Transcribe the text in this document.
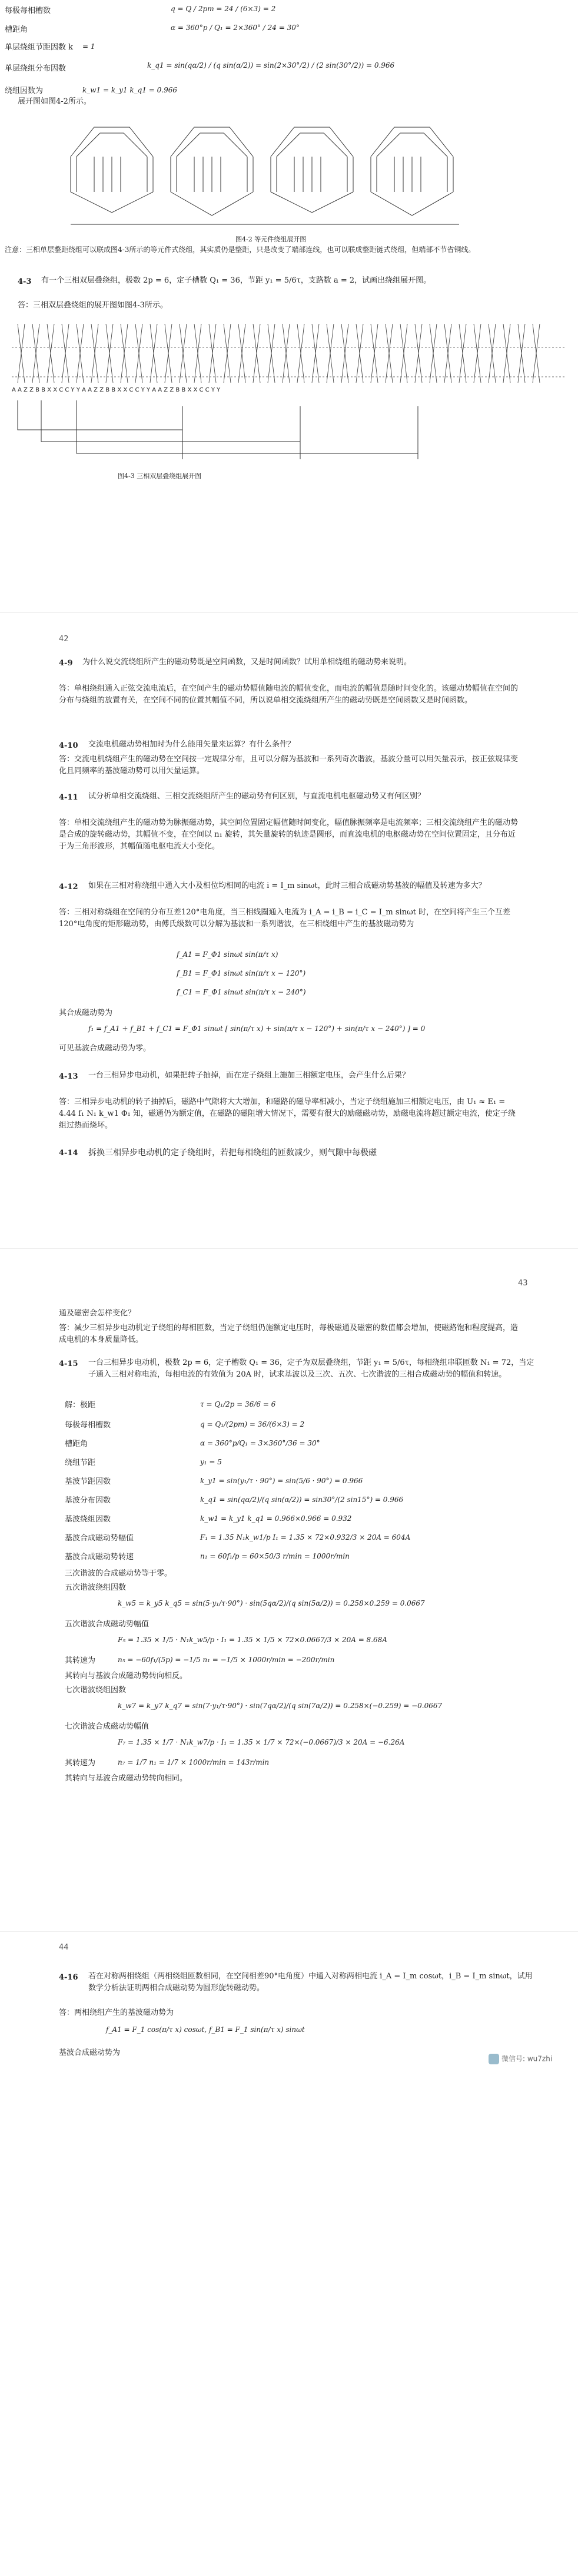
每极每相槽数	q = Q / 2pm = 24 / (6×3) = 2
槽距角	α = 360°p / Q₁ = 2×360° / 24 = 30°
单层绕组节距因数 k = 1
单层绕组分布因数	k_q1 = sin(qα/2) / (q sin(α/2)) = sin(2×30°/2) / (2 sin(30°/2)) = 0.966
绕组因数为	k_w1 = k_y1 k_q1 = 0.966
展开图如图4-2所示。
图4-2 等元件绕组展开图
注意：三相单层整距绕组可以联成图4-3所示的等元件式绕组，其实质仍是整距，只是改变了端部连线，也可以联成整距链式绕组，但端部不节省铜线。
4-3 有一个三相双层叠绕组，极数 2p = 6，定子槽数 Q₁ = 36，节距 y₁ = 5/6τ，支路数 a = 2，试画出绕组展开图。
答：三相双层叠绕组的展开图如图4-3所示。
A A Z Z B B X X C C Y Y A A Z Z B B X X C C Y Y A A Z Z B B X X C C Y Y
图4-3 三相双层叠绕组展开图
42
4-9 为什么说交流绕组所产生的磁动势既是空间函数，又是时间函数？试用单相绕组的磁动势来说明。
答：单相绕组通入正弦交流电流后，在空间产生的磁动势幅值随电流的幅值变化，而电流的幅值是随时间变化的。该磁动势幅值在空间的分布与绕组的放置有关，在空间不同的位置其幅值不同，所以说单相交流绕组所产生的磁动势既是空间函数又是时间函数。
4-10 交流电机磁动势相加时为什么能用矢量来运算？有什么条件？
答：交流电机绕组产生的磁动势在空间按一定规律分布，且可以分解为基波和一系列奇次谐波，基波分量可以用矢量表示，按正弦规律变化且同频率的基波磁动势可以用矢量运算。
4-11 试分析单相交流绕组、三相交流绕组所产生的磁动势有何区别，与直流电机电枢磁动势又有何区别？
答：单相交流绕组产生的磁动势为脉振磁动势，其空间位置固定幅值随时间变化，幅值脉振频率是电流频率；三相交流绕组产生的磁动势是合成的旋转磁动势，其幅值不变，在空间以 n₁ 旋转，其矢量旋转的轨迹是圆形，而直流电机的电枢磁动势在空间位置固定，且分布近于为三角形波形，其幅值随电枢电流大小变化。
4-12 如果在三相对称绕组中通入大小及相位均相同的电流 i = I_m sinωt，此时三相合成磁动势基波的幅值及转速为多大？
答：三相对称绕组在空间的分布互差120°电角度，当三相线圈通入电流为 i_A = i_B = i_C = I_m sinωt 时，在空间将产生三个互差120°电角度的矩形磁动势，由傅氏级数可以分解为基波和一系列谐波，在三相绕组中产生的基波磁动势为
f_A1 = F_Φ1 sinωt sin(π/τ x)
f_B1 = F_Φ1 sinωt sin(π/τ x − 120°)
f_C1 = F_Φ1 sinωt sin(π/τ x − 240°)
其合成磁动势为
f₁ = f_A1 + f_B1 + f_C1 = F_Φ1 sinωt [ sin(π/τ x) + sin(π/τ x − 120°) + sin(π/τ x − 240°) ] = 0
可见基波合成磁动势为零。
4-13 一台三相异步电动机，如果把转子抽掉，而在定子绕组上施加三相额定电压，会产生什么后果？
答：三相异步电动机的转子抽掉后，磁路中气隙将大大增加，和磁路的磁导率相减小，当定子绕组施加三相额定电压，由 U₁ ≈ E₁ = 4.44 f₁ N₁ k_w1 Φ₁ 知，磁通仍为额定值，在磁路的磁阻增大情况下，需要有很大的励磁磁动势，励磁电流将超过额定电流，使定子绕组过热而烧坏。
4-14 拆换三相异步电动机的定子绕组时，若把每相绕组的匝数减少，则气隙中每极磁
43
通及磁密会怎样变化？
答：减少三相异步电动机定子绕组的每相匝数，当定子绕组仍施额定电压时，每极磁通及磁密的数值都会增加，使磁路饱和程度提高，造成电机的本身质量降低。
4-15 一台三相异步电动机，极数 2p = 6，定子槽数 Q₁ = 36，定子为双层叠绕组，节距 y₁ = 5/6τ，每相绕组串联匝数 N₁ = 72，当定子通入三相对称电流，每相电流的有效值为 20A 时，试求基波以及三次、五次、七次谐波的三相合成磁动势的幅值和转速。
解：极距	τ = Q₁/2p = 36/6 = 6
每极每相槽数	q = Q₁/(2pm) = 36/(6×3) = 2
槽距角	α = 360°p/Q₁ = 3×360°/36 = 30°
绕组节距	y₁ = 5
基波节距因数	k_y1 = sin(y₁/τ · 90°) = sin(5/6 · 90°) = 0.966
基波分布因数	k_q1 = sin(qα/2)/(q sin(α/2)) = sin30°/(2 sin15°) = 0.966
基波绕组因数	k_w1 = k_y1 k_q1 = 0.966×0.966 = 0.932
基波合成磁动势幅值	F₁ = 1.35 N₁k_w1/p I₁ = 1.35 × 72×0.932/3 × 20A = 604A
基波合成磁动势转速	n₁ = 60f₁/p = 60×50/3 r/min = 1000r/min
三次谐波的合成磁动势等于零。
五次谐波绕组因数
k_w5 = k_y5 k_q5 = sin(5·y₁/τ·90°) · sin(5qα/2)/(q sin(5α/2)) = 0.258×0.259 = 0.0667
五次谐波合成磁动势幅值
F₅ = 1.35 × 1/5 · N₁k_w5/p · I₁ = 1.35 × 1/5 × 72×0.0667/3 × 20A = 8.68A
其转速为	n₅ = −60f₁/(5p) = −1/5 n₁ = −1/5 × 1000r/min = −200r/min
其转向与基波合成磁动势转向相反。
七次谐波绕组因数
k_w7 = k_y7 k_q7 = sin(7·y₁/τ·90°) · sin(7qα/2)/(q sin(7α/2)) = 0.258×(−0.259) = −0.0667
七次谐波合成磁动势幅值
F₇ = 1.35 × 1/7 · N₁k_w7/p · I₁ = 1.35 × 1/7 × 72×(−0.0667)/3 × 20A = −6.26A
其转速为	n₇ = 1/7 n₁ = 1/7 × 1000r/min = 143r/min
其转向与基波合成磁动势转向相同。
44
4-16 若在对称两相绕组（两相绕组匝数相同，在空间相差90°电角度）中通入对称两相电流 i_A = I_m cosωt，i_B = I_m sinωt，试用数学分析法证明两相合成磁动势为圆形旋转磁动势。
答：两相绕组产生的基波磁动势为
f_A1 = F_1 cos(π/τ x) cosωt, f_B1 = F_1 sin(π/τ x) sinωt
基波合成磁动势为
微信号: wu7zhi
